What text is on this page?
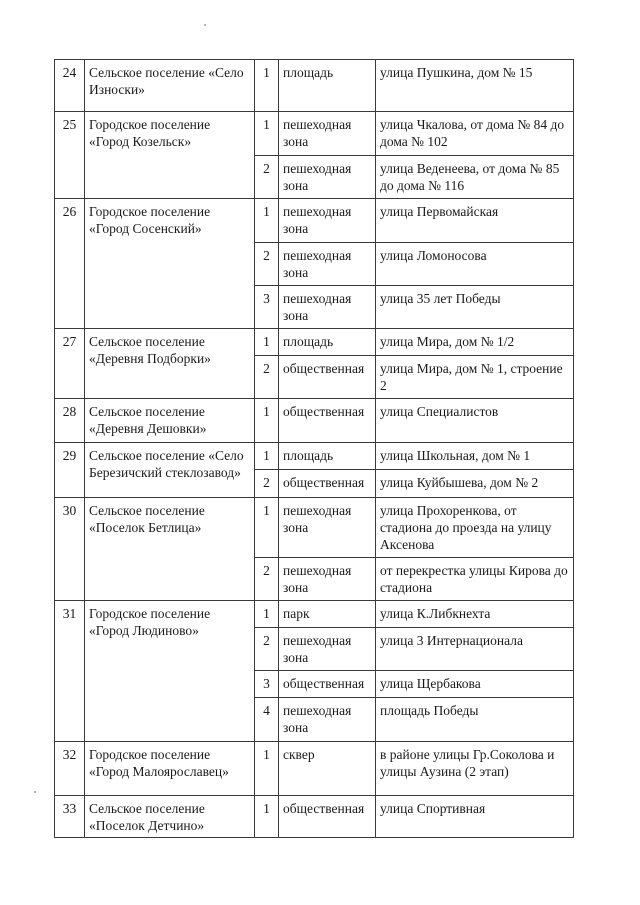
24	Сельское поселение «Село Износки»	1	площадь	улица Пушкина, дом № 15
25	Городское поселение «Город Козельск»	1	пешеходная зона	улица Чкалова, от дома № 84 до дома № 102
		2	пешеходная зона	улица Веденеева, от дома № 85 до дома № 116
26	Городское поселение «Город Сосенский»	1	пешеходная зона	улица Первомайская
		2	пешеходная зона	улица Ломоносова
		3	пешеходная зона	улица 35 лет Победы
27	Сельское поселение «Деревня Подборки»	1	площадь	улица Мира, дом № 1/2
		2	общественная	улица Мира, дом № 1, строение 2
28	Сельское поселение «Деревня Дешовки»	1	общественная	улица Специалистов
29	Сельское поселение «Село Березичский стеклозавод»	1	площадь	улица Школьная, дом № 1
		2	общественная	улица Куйбышева, дом № 2
30	Сельское поселение «Поселок Бетлица»	1	пешеходная зона	улица Прохоренкова, от стадиона до проезда на улицу Аксенова
		2	пешеходная зона	от перекрестка улицы Кирова до стадиона
31	Городское поселение «Город Людиново»	1	парк	улица К.Либкнехта
		2	пешеходная зона	улица 3 Интернационала
		3	общественная	улица Щербакова
		4	пешеходная зона	площадь Победы
32	Городское поселение «Город Малоярославец»	1	сквер	в районе улицы Гр.Соколова и улицы Аузина (2 этап)
33	Сельское поселение «Поселок Детчино»	1	общественная	улица Спортивная
